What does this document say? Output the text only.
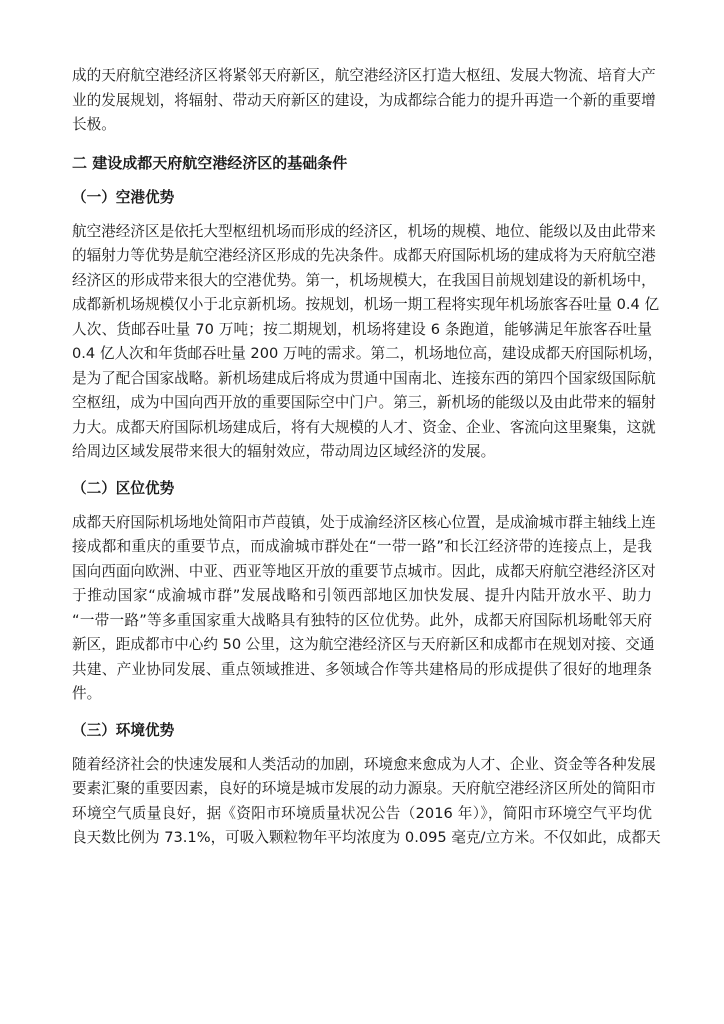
成的天府航空港经济区将紧邻天府新区，航空港经济区打造大枢纽、发展大物流、培育大产
业的发展规划，将辐射、带动天府新区的建设，为成都综合能力的提升再造一个新的重要增
长极。

二 建设成都天府航空港经济区的基础条件
（一）空港优势

航空港经济区是依托大型枢纽机场而形成的经济区，机场的规模、地位、能级以及由此带来
的辐射力等优势是航空港经济区形成的先决条件。成都天府国际机场的建成将为天府航空港
经济区的形成带来很大的空港优势。第一，机场规模大，在我国目前规划建设的新机场中，
成都新机场规模仅小于北京新机场。按规划，机场一期工程将实现年机场旅客吞吐量 0.4 亿
人次、货邮吞吐量 70 万吨；按二期规划，机场将建设 6 条跑道，能够满足年旅客吞吐量
0.4 亿人次和年货邮吞吐量 200 万吨的需求。第二，机场地位高，建设成都天府国际机场，
是为了配合国家战略。新机场建成后将成为贯通中国南北、连接东西的第四个国家级国际航
空枢纽，成为中国向西开放的重要国际空中门户。第三，新机场的能级以及由此带来的辐射
力大。成都天府国际机场建成后，将有大规模的人才、资金、企业、客流向这里聚集，这就
给周边区域发展带来很大的辐射效应，带动周边区域经济的发展。

（二）区位优势

成都天府国际机场地处简阳市芦葭镇，处于成渝经济区核心位置，是成渝城市群主轴线上连
接成都和重庆的重要节点，而成渝城市群处在“一带一路”和长江经济带的连接点上，是我
国向西面向欧洲、中亚、西亚等地区开放的重要节点城市。因此，成都天府航空港经济区对
于推动国家“成渝城市群”发展战略和引领西部地区加快发展、提升内陆开放水平、助力
“一带一路”等多重国家重大战略具有独特的区位优势。此外，成都天府国际机场毗邻天府
新区，距成都市中心约 50 公里，这为航空港经济区与天府新区和成都市在规划对接、交通
共建、产业协同发展、重点领域推进、多领域合作等共建格局的形成提供了很好的地理条
件。

（三）环境优势

随着经济社会的快速发展和人类活动的加剧，环境愈来愈成为人才、企业、资金等各种发展
要素汇聚的重要因素，良好的环境是城市发展的动力源泉。天府航空港经济区所处的简阳市
环境空气质量良好，据《资阳市环境质量状况公告（2016 年）》，简阳市环境空气平均优
良天数比例为 73.1%，可吸入颗粒物年平均浓度为 0.095 毫克/立方米。不仅如此，成都天
